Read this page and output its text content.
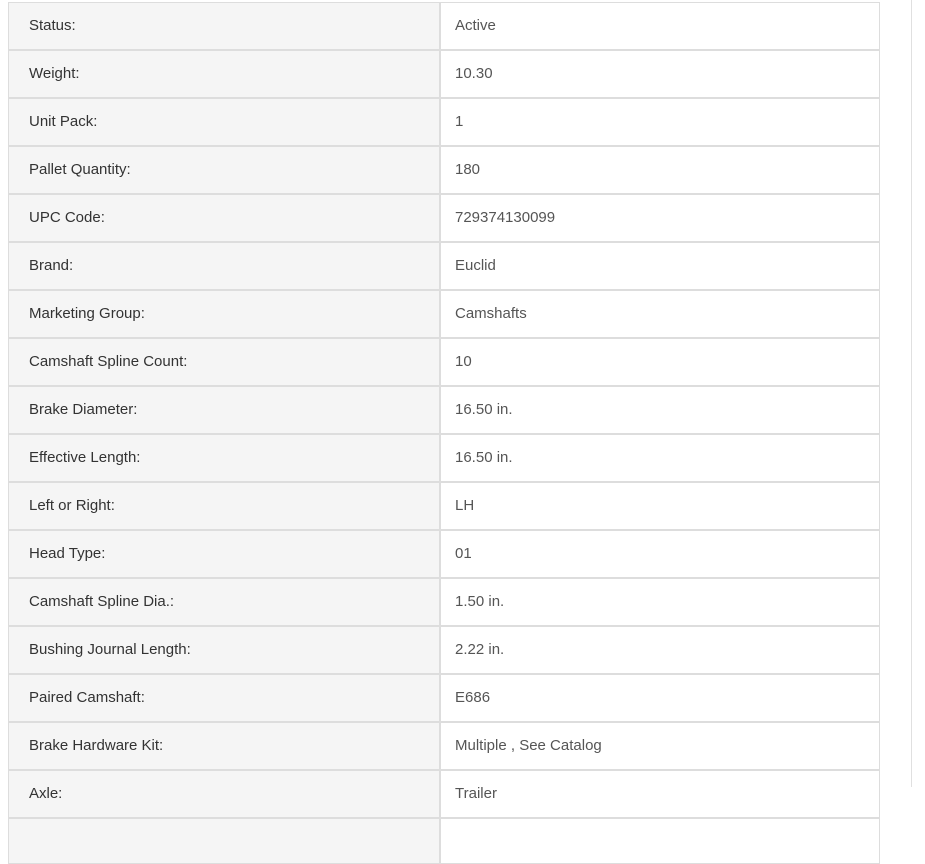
Status:	Active
Weight:	10.30
Unit Pack:	1
Pallet Quantity:	180
UPC Code:	729374130099
Brand:	Euclid
Marketing Group:	Camshafts
Camshaft Spline Count:	10
Brake Diameter:	16.50 in.
Effective Length:	16.50 in.
Left or Right:	LH
Head Type:	01
Camshaft Spline Dia.:	1.50 in.
Bushing Journal Length:	2.22 in.
Paired Camshaft:	E686
Brake Hardware Kit:	Multiple , See Catalog
Axle:	Trailer
